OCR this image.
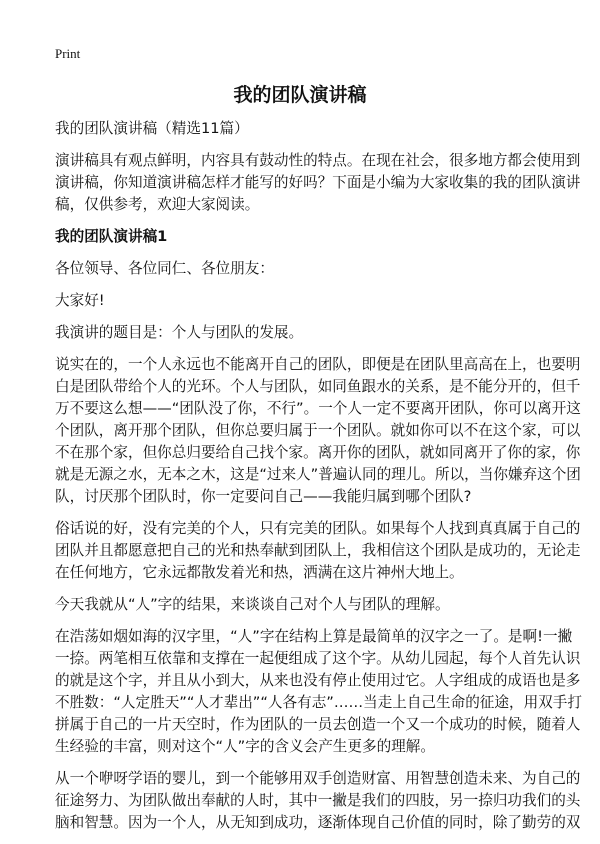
Print
我的团队演讲稿
我的团队演讲稿（精选11篇）
演讲稿具有观点鲜明，内容具有鼓动性的特点。在现在社会，很多地方都会使用到
演讲稿，你知道演讲稿怎样才能写的好吗？下面是小编为大家收集的我的团队演讲
稿，仅供参考，欢迎大家阅读。
我的团队演讲稿1
各位领导、各位同仁、各位朋友：
大家好!
我演讲的题目是：个人与团队的发展。
说实在的，一个人永远也不能离开自己的团队，即便是在团队里高高在上，也要明
白是团队带给个人的光环。个人与团队，如同鱼跟水的关系，是不能分开的，但千
万不要这么想——“团队没了你，不行”。一个人一定不要离开团队，你可以离开这
个团队，离开那个团队，但你总要归属于一个团队。就如你可以不在这个家，可以
不在那个家，但你总归要给自己找个家。离开你的团队，就如同离开了你的家，你
就是无源之水，无本之木，这是“过来人”普遍认同的理儿。所以，当你嫌弃这个团
队，讨厌那个团队时，你一定要问自己——我能归属到哪个团队?
俗话说的好，没有完美的个人，只有完美的团队。如果每个人找到真真属于自己的
团队并且都愿意把自己的光和热奉献到团队上，我相信这个团队是成功的，无论走
在任何地方，它永远都散发着光和热，洒满在这片神州大地上。
今天我就从“人”字的结果，来谈谈自己对个人与团队的理解。
在浩荡如烟如海的汉字里，“人”字在结构上算是最简单的汉字之一了。是啊!一撇
一捺。两笔相互依靠和支撑在一起便组成了这个字。从幼儿园起，每个人首先认识
的就是这个字，并且从小到大，从来也没有停止使用过它。人字组成的成语也是多
不胜数：“人定胜天”“人才辈出”“人各有志”……当走上自己生命的征途，用双手打
拼属于自己的一片天空时，作为团队的一员去创造一个又一个成功的时候，随着人
生经验的丰富，则对这个“人”字的含义会产生更多的理解。
从一个咿呀学语的婴儿，到一个能够用双手创造财富、用智慧创造未来、为自己的
征途努力、为团队做出奉献的人时，其中一撇是我们的四肢，另一捺归功我们的头
脑和智慧。因为一个人，从无知到成功，逐渐体现自己价值的同时，除了勤劳的双
